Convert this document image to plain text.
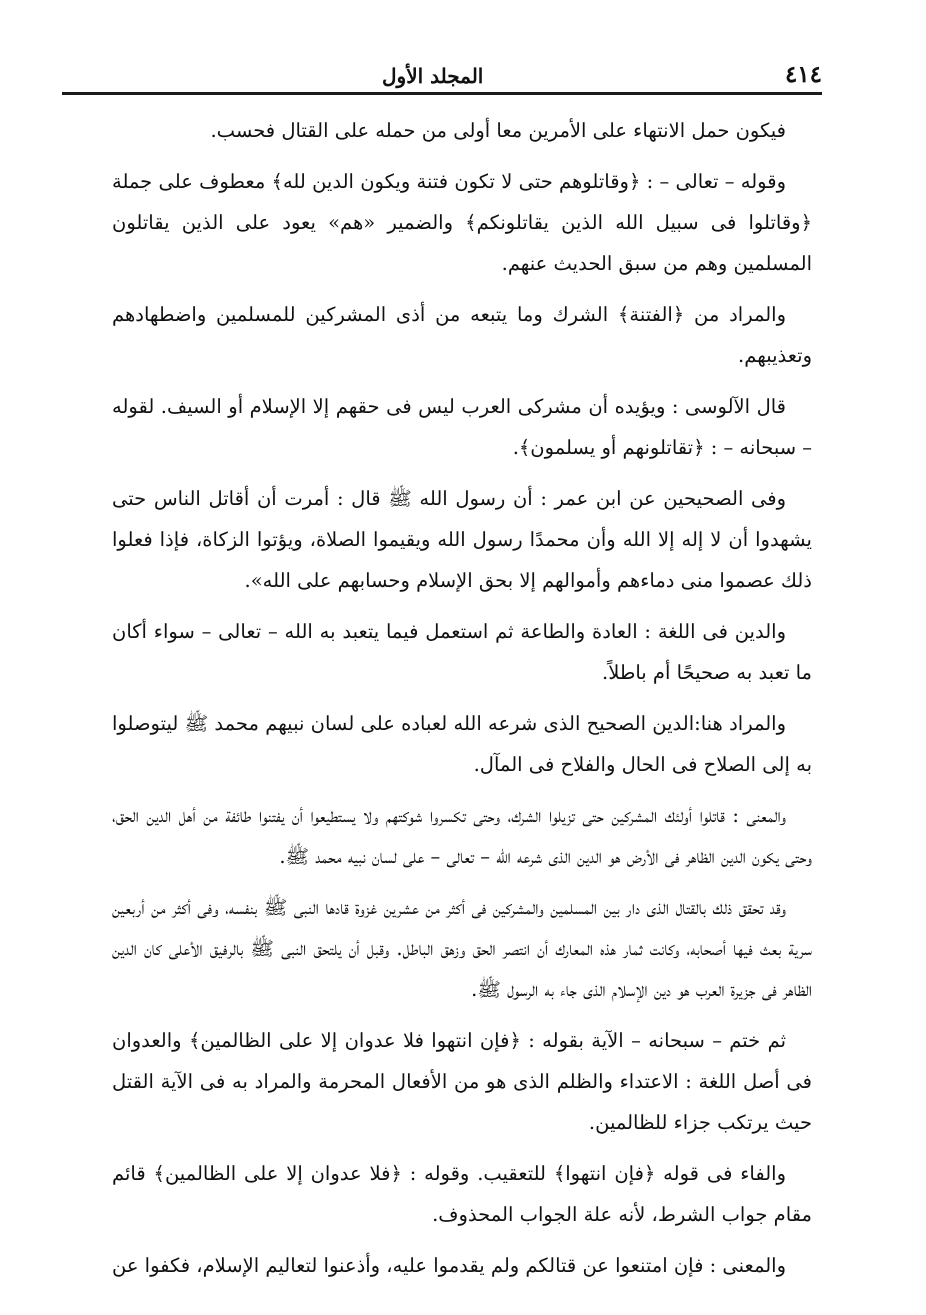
٤١٤
المجلد الأول

فيكون حمل الانتهاء على الأمرين معا أولى من حمله على القتال فحسب.

وقوله – تعالى – : ﴿وقاتلوهم حتى لا تكون فتنة ويكون الدين لله﴾ معطوف على جملة ﴿وقاتلوا فى سبيل الله الذين يقاتلونكم﴾ والضمير «هم» يعود على الذين يقاتلون المسلمين وهم من سبق الحديث عنهم.

والمراد من ﴿الفتنة﴾ الشرك وما يتبعه من أذى المشركين للمسلمين واضطهادهم وتعذيبهم.

قال الآلوسى : ويؤيده أن مشركى العرب ليس فى حقهم إلا الإسلام أو السيف. لقوله – سبحانه – : ﴿تقاتلونهم أو يسلمون﴾.

وفى الصحيحين عن ابن عمر : أن رسول الله ﷺ قال : أمرت أن أقاتل الناس حتى يشهدوا أن لا إله إلا الله وأن محمدًا رسول الله ويقيموا الصلاة، ويؤتوا الزكاة، فإذا فعلوا ذلك عصموا منى دماءهم وأموالهم إلا بحق الإسلام وحسابهم على الله».

والدين فى اللغة : العادة والطاعة ثم استعمل فيما يتعبد به الله – تعالى – سواء أكان ما تعبد به صحيحًا أم باطلاً.

والمراد هنا:الدين الصحيح الذى شرعه الله لعباده على لسان نبيهم محمد ﷺ ليتوصلوا به إلى الصلاح فى الحال والفلاح فى المآل.

والمعنى : قاتلوا أولئك المشركين حتى تزيلوا الشرك، وحتى تكسروا شوكتهم ولا يستطيعوا أن يفتنوا طائفة من أهل الدين الحق، وحتى يكون الدين الظاهر فى الأرض هو الدين الذى شرعه الله – تعالى – على لسان نبيه محمد ﷺ.

وقد تحقق ذلك بالقتال الذى دار بين المسلمين والمشركين فى أكثر من عشرين غزوة قادها النبى ﷺ بنفسه، وفى أكثر من أربعين سرية بعث فيها أصحابه، وكانت ثمار هذه المعارك أن انتصر الحق وزهق الباطل. وقبل أن يلتحق النبى ﷺ بالرفيق الأعلى كان الدين الظاهر فى جزيرة العرب هو دين الإسلام الذى جاء به الرسول ﷺ.

ثم ختم – سبحانه – الآية بقوله : ﴿فإن انتهوا فلا عدوان إلا على الظالمين﴾ والعدوان فى أصل اللغة : الاعتداء والظلم الذى هو من الأفعال المحرمة والمراد به فى الآية القتل حيث يرتكب جزاء للظالمين.

والفاء فى قوله ﴿فإن انتهوا﴾ للتعقيب. وقوله : ﴿فلا عدوان إلا على الظالمين﴾ قائم مقام جواب الشرط، لأنه علة الجواب المحذوف.

والمعنى : فإن امتنعوا عن قتالكم ولم يقدموا عليه، وأذعنوا لتعاليم الإسلام، فكفوا عن
